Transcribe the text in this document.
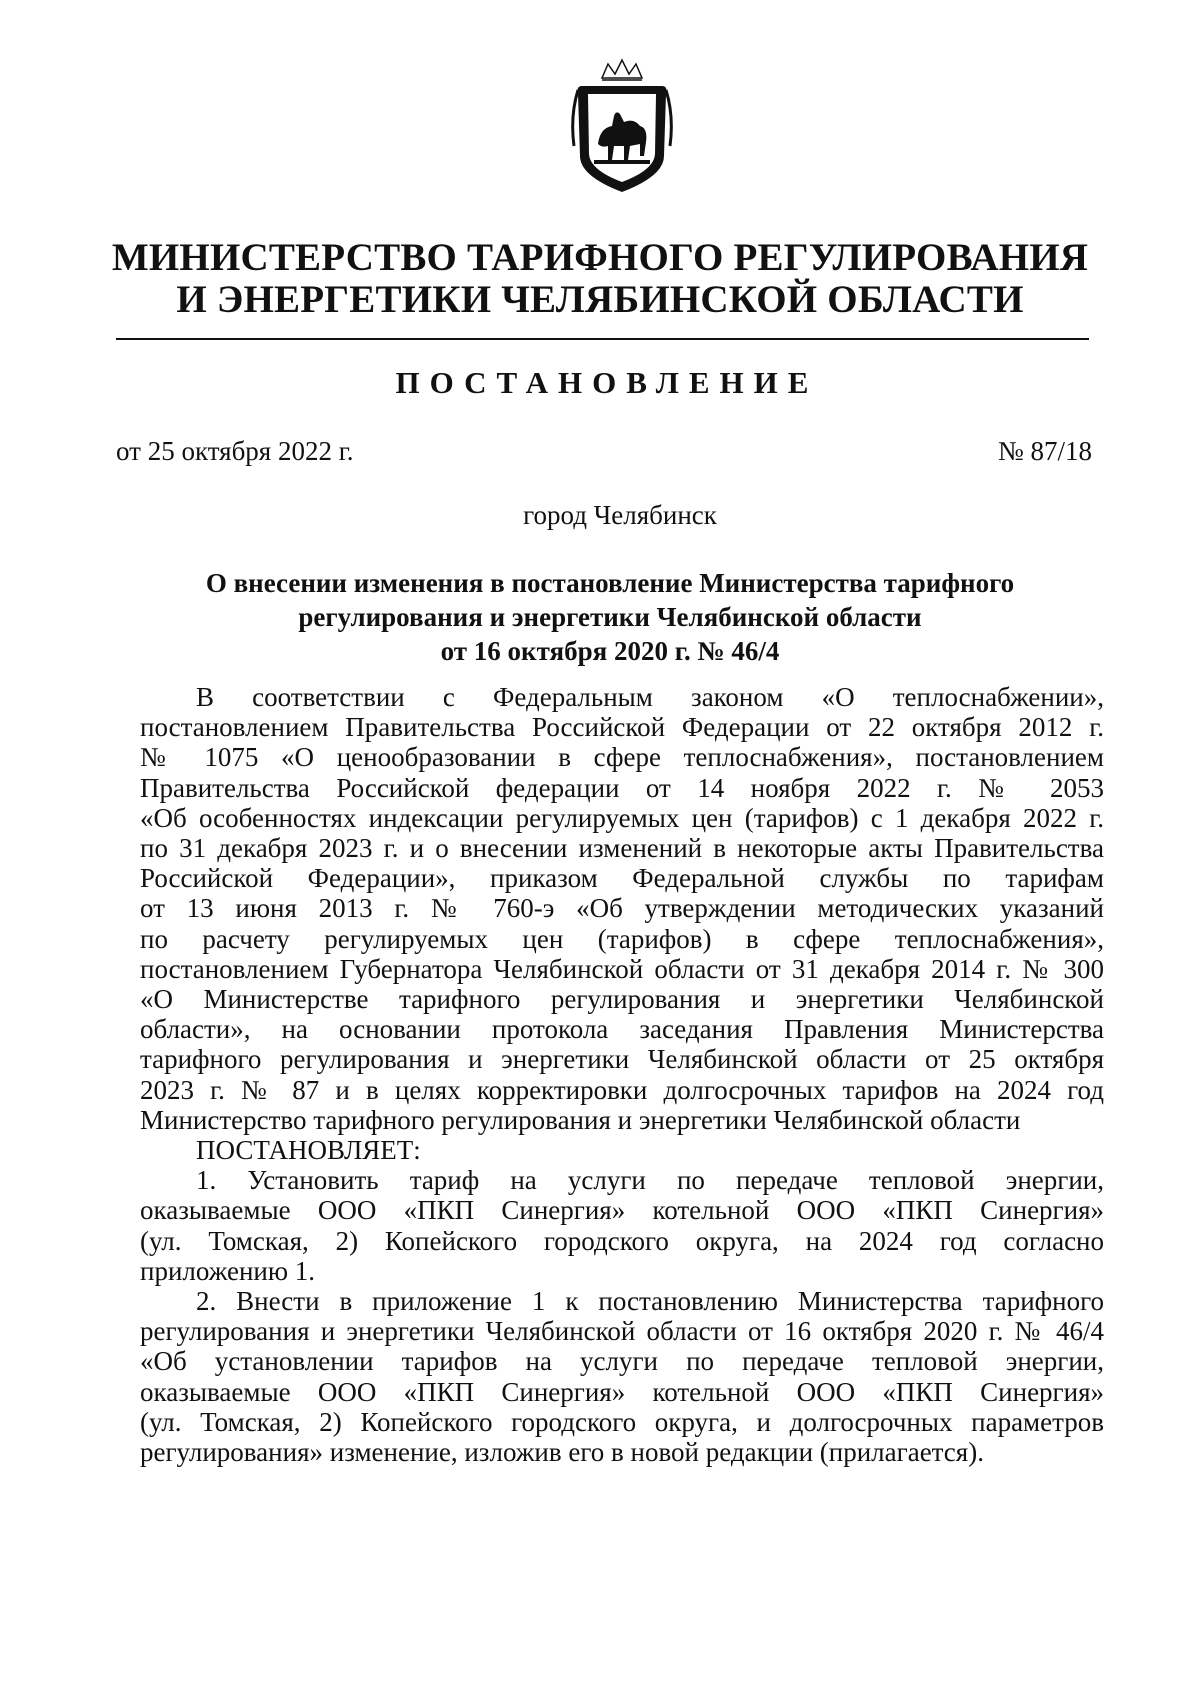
МИНИСТЕРСТВО ТАРИФНОГО РЕГУЛИРОВАНИЯ
И ЭНЕРГЕТИКИ ЧЕЛЯБИНСКОЙ ОБЛАСТИ
ПОСТАНОВЛЕНИЕ
от 25 октября 2022 г.	№ 87/18
город Челябинск
О внесении изменения в постановление Министерства тарифного
регулирования и энергетики Челябинской области
от 16 октября 2020 г. № 46/4
В соответствии с Федеральным законом «О теплоснабжении»,
постановлением Правительства Российской Федерации от 22 октября 2012 г.
№ 1075 «О ценообразовании в сфере теплоснабжения», постановлением
Правительства Российской федерации от 14 ноября 2022 г. № 2053
«Об особенностях индексации регулируемых цен (тарифов) с 1 декабря 2022 г.
по 31 декабря 2023 г. и о внесении изменений в некоторые акты Правительства
Российской Федерации», приказом Федеральной службы по тарифам
от 13 июня 2013 г. № 760-э «Об утверждении методических указаний
по расчету регулируемых цен (тарифов) в сфере теплоснабжения»,
постановлением Губернатора Челябинской области от 31 декабря 2014 г. № 300
«О Министерстве тарифного регулирования и энергетики Челябинской
области», на основании протокола заседания Правления Министерства
тарифного регулирования и энергетики Челябинской области от 25 октября
2023 г. № 87 и в целях корректировки долгосрочных тарифов на 2024 год
Министерство тарифного регулирования и энергетики Челябинской области
ПОСТАНОВЛЯЕТ:
1. Установить тариф на услуги по передаче тепловой энергии,
оказываемые ООО «ПКП Синергия» котельной ООО «ПКП Синергия»
(ул. Томская, 2) Копейского городского округа, на 2024 год согласно
приложению 1.
2. Внести в приложение 1 к постановлению Министерства тарифного
регулирования и энергетики Челябинской области от 16 октября 2020 г. № 46/4
«Об установлении тарифов на услуги по передаче тепловой энергии,
оказываемые ООО «ПКП Синергия» котельной ООО «ПКП Синергия»
(ул. Томская, 2) Копейского городского округа, и долгосрочных параметров
регулирования» изменение, изложив его в новой редакции (прилагается).
